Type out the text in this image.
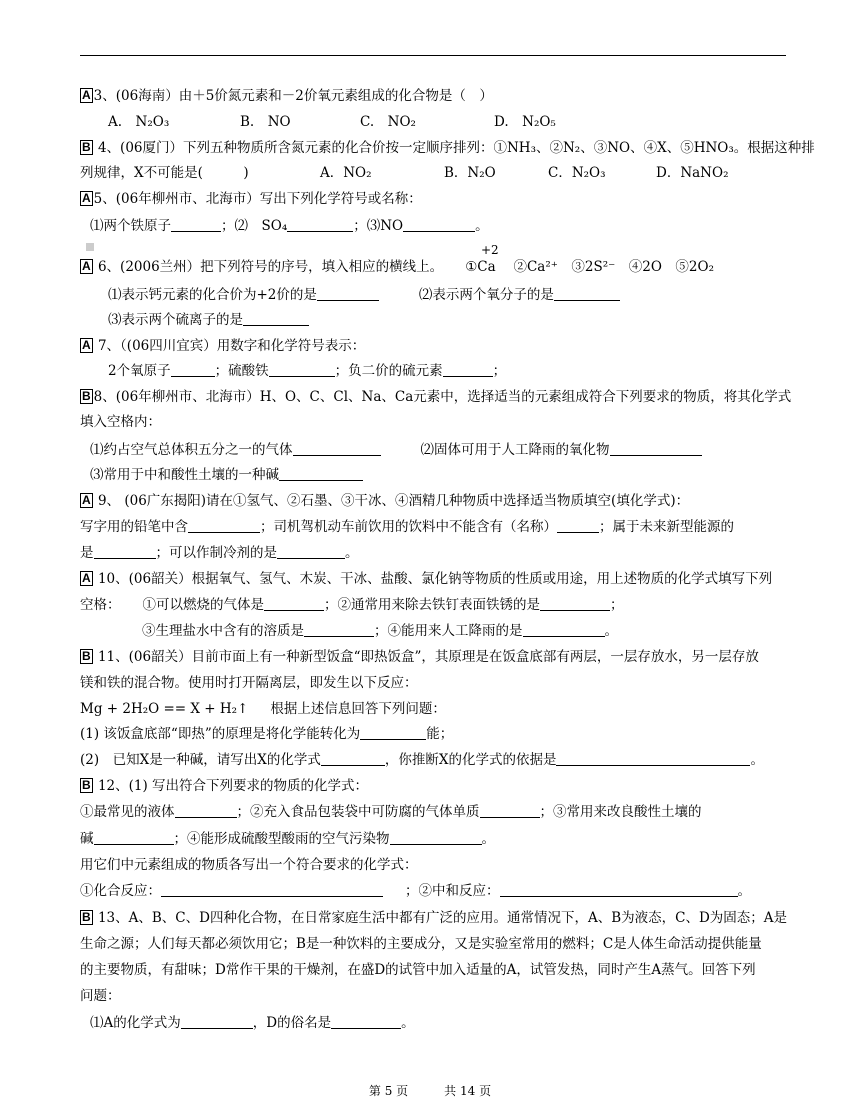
A 3、(06海南）由＋5价氮元素和－2价氧元素组成的化合物是（　）
A.　N₂O₃	B.　NO	C.　NO₂	D.　N₂O₅
B 4、(06厦门）下列五种物质所含氮元素的化合价按一定顺序排列：①NH₃、②N₂、③NO、④X、⑤HNO₃。根据这种排
列规律，X不可能是(　　　)	A．NO₂	B．N₂O	C．N₂O₃	D．NaNO₂
A 5、(06年柳州市、北海市）写出下列化学符号或名称：
⑴两个铁原子	；⑵　SO₄	；⑶NO	。
+2
A 6、(2006兰州）把下列符号的序号，填入相应的横线上。 ①Ca　 ②Ca²⁺　③2S²⁻　④2O　⑤2O₂
⑴表示钙元素的化合价为+2价的是	⑵表示两个氧分子的是
⑶表示两个硫离子的是
A 7、（(06四川宜宾）用数字和化学符号表示：
2个氧原子	；硫酸铁	；负二价的硫元素	；
B 8、(06年柳州市、北海市）H、O、C、Cl、Na、Ca元素中，选择适当的元素组成符合下列要求的物质，将其化学式
填入空格内：
⑴约占空气总体积五分之一的气体	⑵固体可用于人工降雨的氧化物
⑶常用于中和酸性土壤的一种碱
A 9、 (06广东揭阳)请在①氢气、②石墨、③干冰、④酒精几种物质中选择适当物质填空(填化学式)：
写字用的铅笔中含	；司机驾机动车前饮用的饮料中不能含有（名称）	；属于未来新型能源的
是	；可以作制冷剂的是	。
A 10、(06韶关）根据氧气、氢气、木炭、干冰、盐酸、氯化钠等物质的性质或用途，用上述物质的化学式填写下列
空格： ①可以燃烧的气体是	；②通常用来除去铁钉表面铁锈的是	；
③生理盐水中含有的溶质是	；④能用来人工降雨的是	。
B 11、(06韶关）目前市面上有一种新型饭盒“即热饭盒”，其原理是在饭盒底部有两层，一层存放水，另一层存放
镁和铁的混合物。使用时打开隔离层，即发生以下反应：
Mg + 2H₂O == X + H₂↑ 根据上述信息回答下列问题：
(1) 该饭盒底部“即热”的原理是将化学能转化为	能；
(2)　已知X是一种碱，请写出X的化学式	，你推断X的化学式的依据是	。
B 12、(1) 写出符合下列要求的物质的化学式：
①最常见的液体	；②充入食品包装袋中可防腐的气体单质	；③常用来改良酸性土壤的
碱	；④能形成硫酸型酸雨的空气污染物	。
用它们中元素组成的物质各写出一个符合要求的化学式：
①化合反应：	；②中和反应：	。
B 13、A、B、C、D四种化合物，在日常家庭生活中都有广泛的应用。通常情况下，A、B为液态，C、D为固态；A是
生命之源；人们每天都必须饮用它；B是一种饮料的主要成分，又是实验室常用的燃料；C是人体生命活动提供能量
的主要物质，有甜味；D常作干果的干燥剂，在盛D的试管中加入适量的A，试管发热，同时产生A蒸气。回答下列
问题：
⑴A的化学式为	，D的俗名是	。
第 5 页　　　共 14 页
